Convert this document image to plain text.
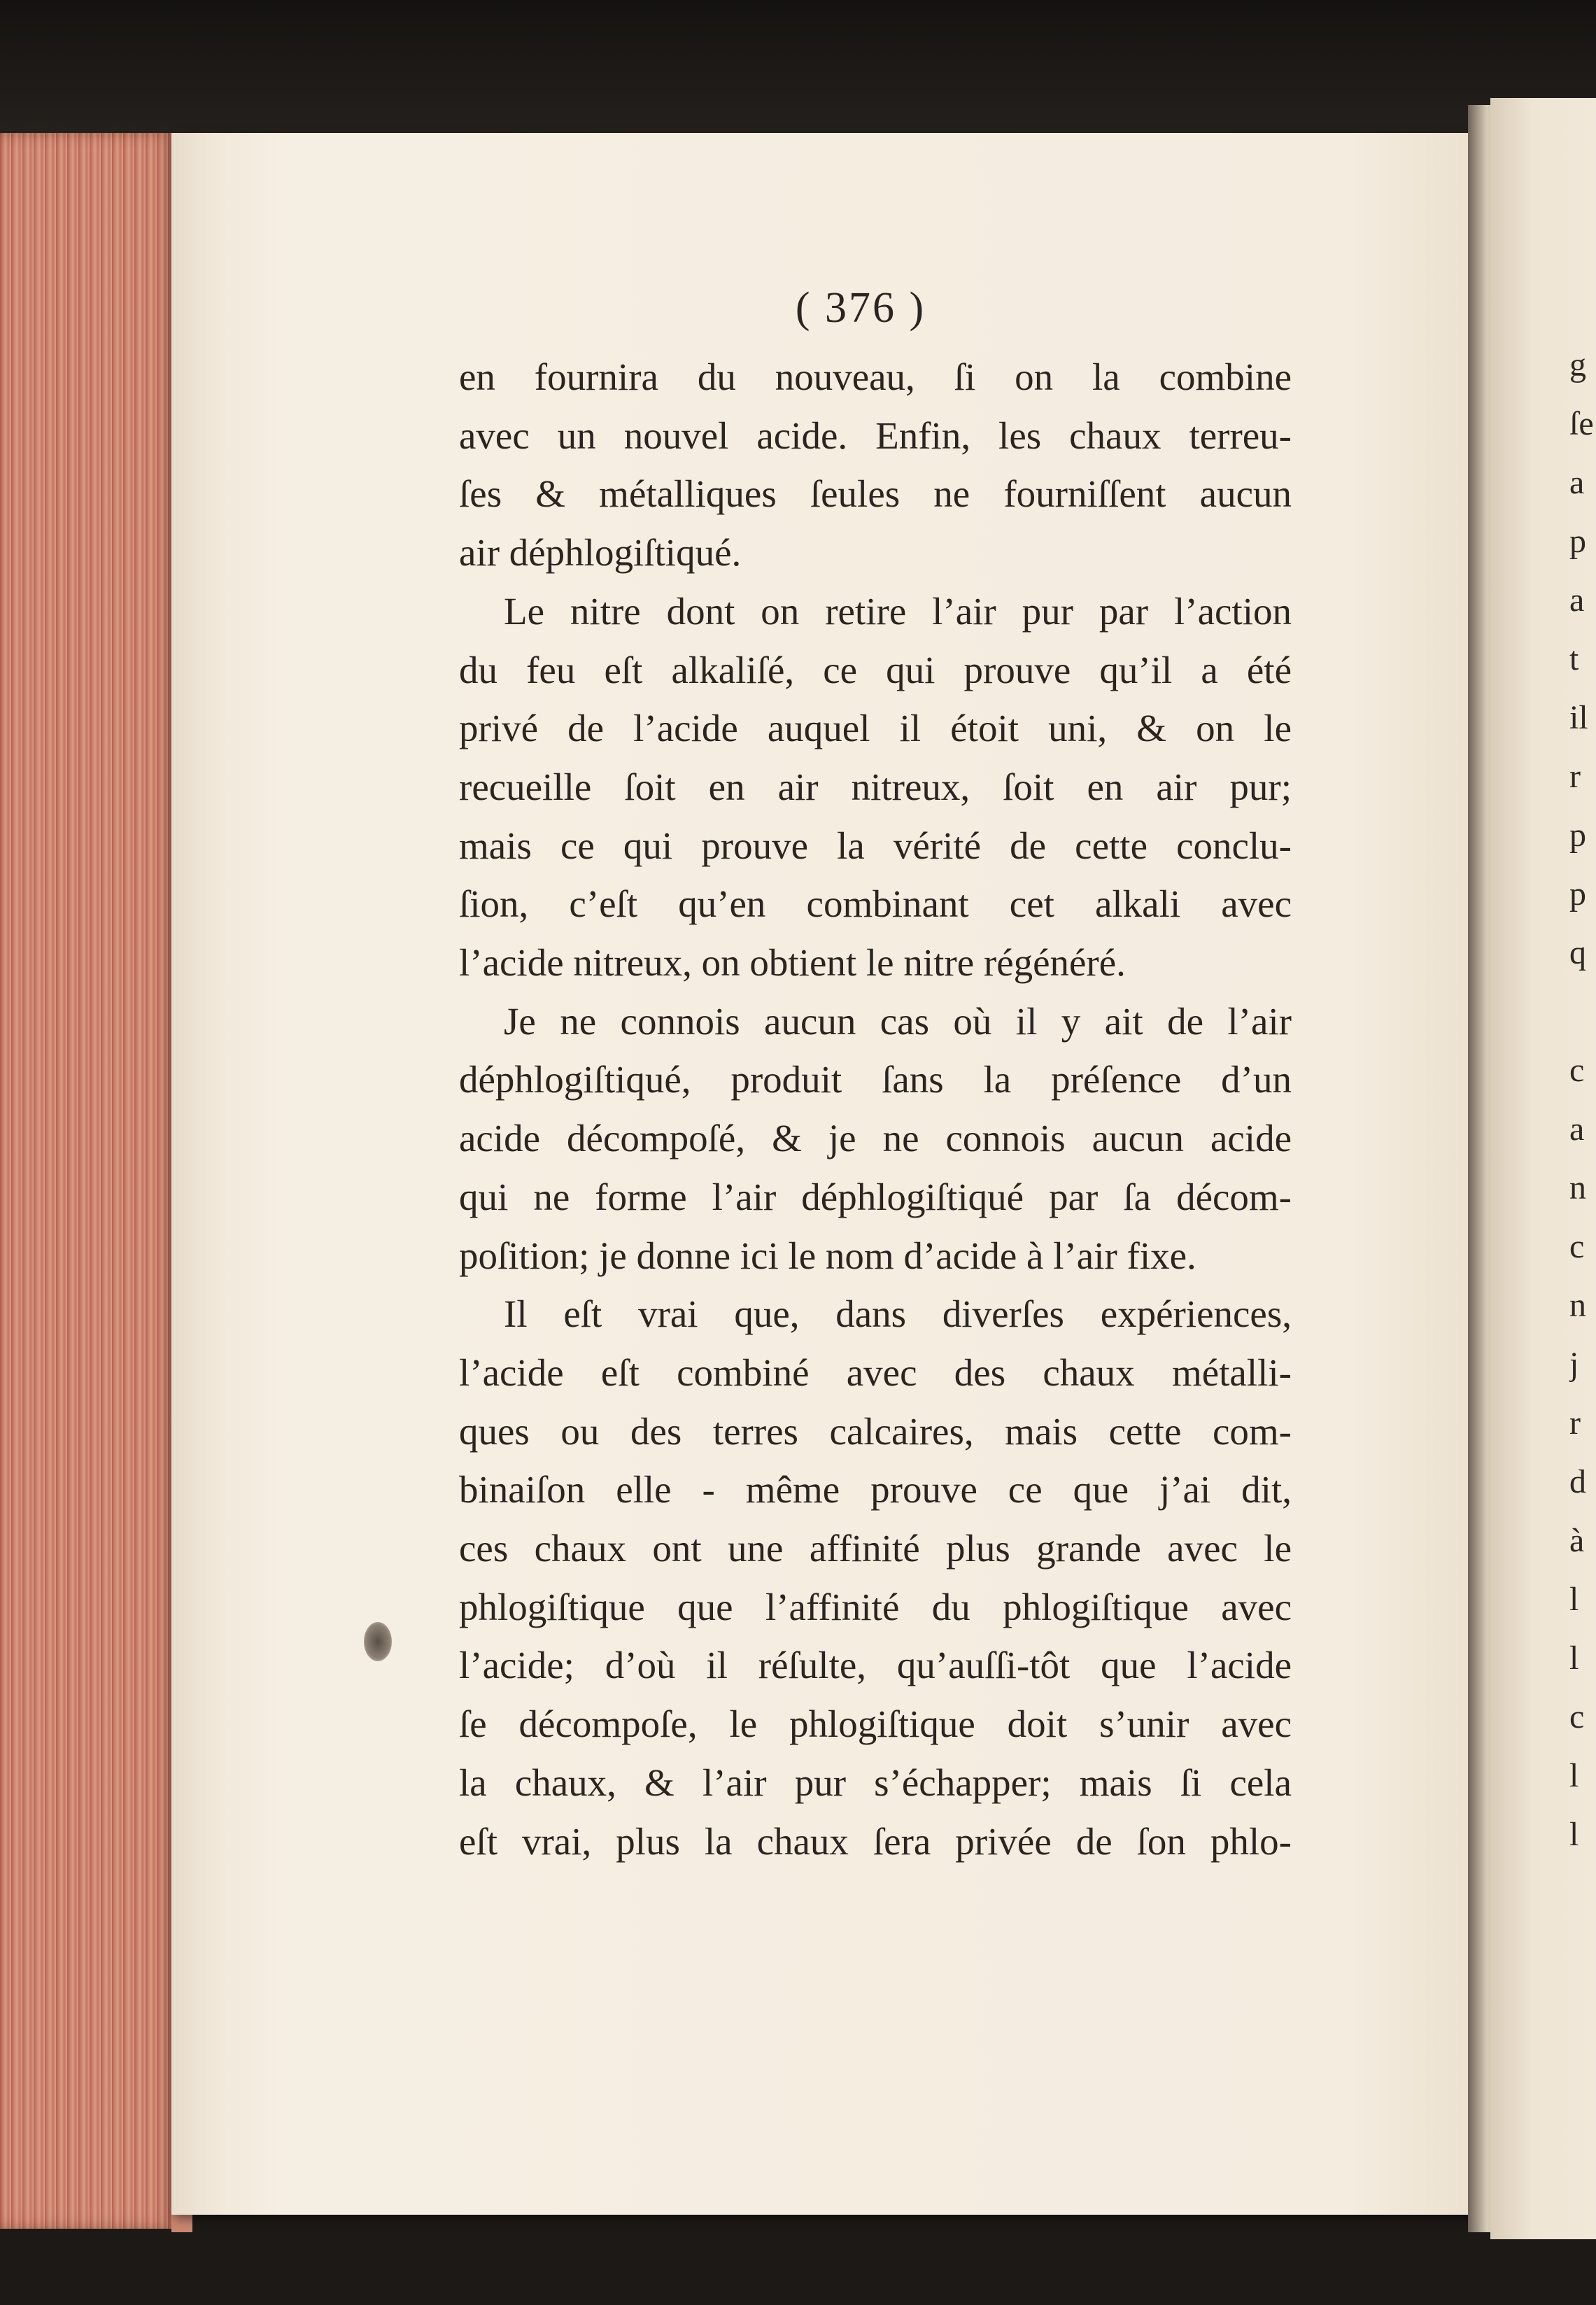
g
ſe
a
p
a
t
il
r
p
p
q
c
a
n
c
n
j
r
d
à
l
l
c
l
l
( 376 )
en fournira du nouveau, ſi on la combine
avec un nouvel acide. Enfin, les chaux terreu-
ſes & métalliques ſeules ne fourniſſent aucun
air déphlogiſtiqué.
Le nitre dont on retire l’air pur par l’action
du feu eſt alkaliſé, ce qui prouve qu’il a été
privé de l’acide auquel il étoit uni, & on le
recueille ſoit en air nitreux, ſoit en air pur;
mais ce qui prouve la vérité de cette conclu-
ſion, c’eſt qu’en combinant cet alkali avec
l’acide nitreux, on obtient le nitre régénéré.
Je ne connois aucun cas où il y ait de l’air
déphlogiſtiqué, produit ſans la préſence d’un
acide décompoſé, & je ne connois aucun acide
qui ne forme l’air déphlogiſtiqué par ſa décom-
poſition; je donne ici le nom d’acide à l’air fixe.
Il eſt vrai que, dans diverſes expériences,
l’acide eſt combiné avec des chaux métalli-
ques ou des terres calcaires, mais cette com-
binaiſon elle - même prouve ce que j’ai dit,
ces chaux ont une affinité plus grande avec le
phlogiſtique que l’affinité du phlogiſtique avec
l’acide; d’où il réſulte, qu’auſſi-tôt que l’acide
ſe décompoſe, le phlogiſtique doit s’unir avec
la chaux, & l’air pur s’échapper; mais ſi cela
eſt vrai, plus la chaux ſera privée de ſon phlo-
